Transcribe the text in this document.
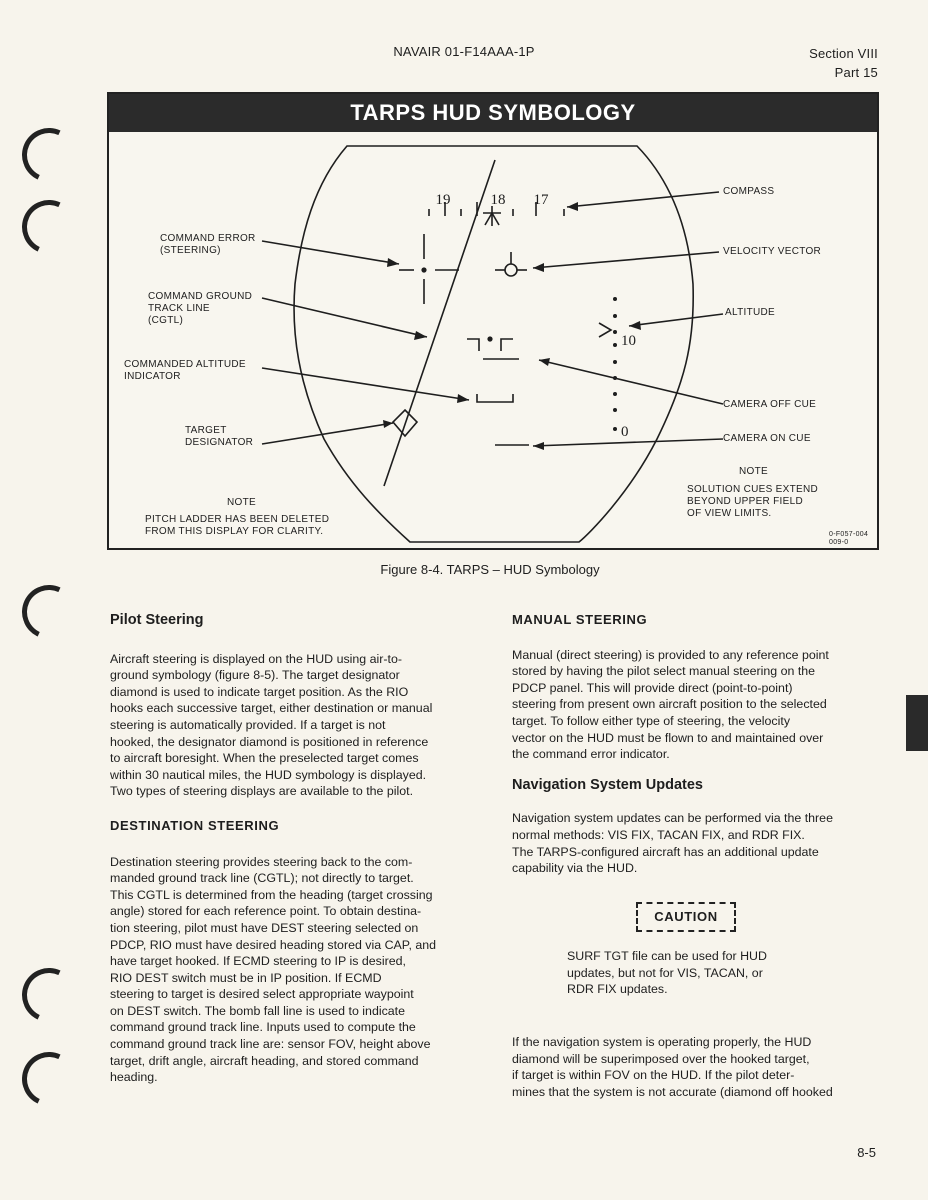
NAVAIR 01-F14AAA-1P	Section VIII
Part 15
TARPS HUD SYMBOLOGY
19	18 17
10
0
COMMAND ERROR
(STEERING)
COMMAND GROUND
TRACK LINE
(CGTL)
COMMANDED ALTITUDE
INDICATOR
TARGET
DESIGNATOR
COMPASS
VELOCITY VECTOR
ALTITUDE
CAMERA OFF CUE
CAMERA ON CUE
NOTE
PITCH LADDER HAS BEEN DELETED
FROM THIS DISPLAY FOR CLARITY.
NOTE
SOLUTION CUES EXTEND
BEYOND UPPER FIELD
OF VIEW LIMITS.
0-F057-004
009-0
Figure 8-4. TARPS – HUD Symbology
Pilot Steering

Aircraft steering is displayed on the HUD using air-to-
ground symbology (figure 8-5). The target designator
diamond is used to indicate target position. As the RIO
hooks each successive target, either destination or manual
steering is automatically provided. If a target is not
hooked, the designator diamond is positioned in reference
to aircraft boresight. When the preselected target comes
within 30 nautical miles, the HUD symbology is displayed.
Two types of steering displays are available to the pilot.

DESTINATION STEERING

Destination steering provides steering back to the com-
manded ground track line (CGTL); not directly to target.
This CGTL is determined from the heading (target crossing
angle) stored for each reference point. To obtain destina-
tion steering, pilot must have DEST steering selected on
PDCP, RIO must have desired heading stored via CAP, and
have target hooked. If ECMD steering to IP is desired,
RIO DEST switch must be in IP position. If ECMD
steering to target is desired select appropriate waypoint
on DEST switch. The bomb fall line is used to indicate
command ground track line. Inputs used to compute the
command ground track line are: sensor FOV, height above
target, drift angle, aircraft heading, and stored command
heading.

MANUAL STEERING

Manual (direct steering) is provided to any reference point
stored by having the pilot select manual steering on the
PDCP panel. This will provide direct (point-to-point)
steering from present own aircraft position to the selected
target. To follow either type of steering, the velocity
vector on the HUD must be flown to and maintained over
the command error indicator.

Navigation System Updates

Navigation system updates can be performed via the three
normal methods: VIS FIX, TACAN FIX, and RDR FIX.
The TARPS-configured aircraft has an additional update
capability via the HUD.

CAUTION

SURF TGT file can be used for HUD
updates, but not for VIS, TACAN, or
RDR FIX updates.

If the navigation system is operating properly, the HUD
diamond will be superimposed over the hooked target,
if target is within FOV on the HUD. If the pilot deter-
mines that the system is not accurate (diamond off hooked

8-5
